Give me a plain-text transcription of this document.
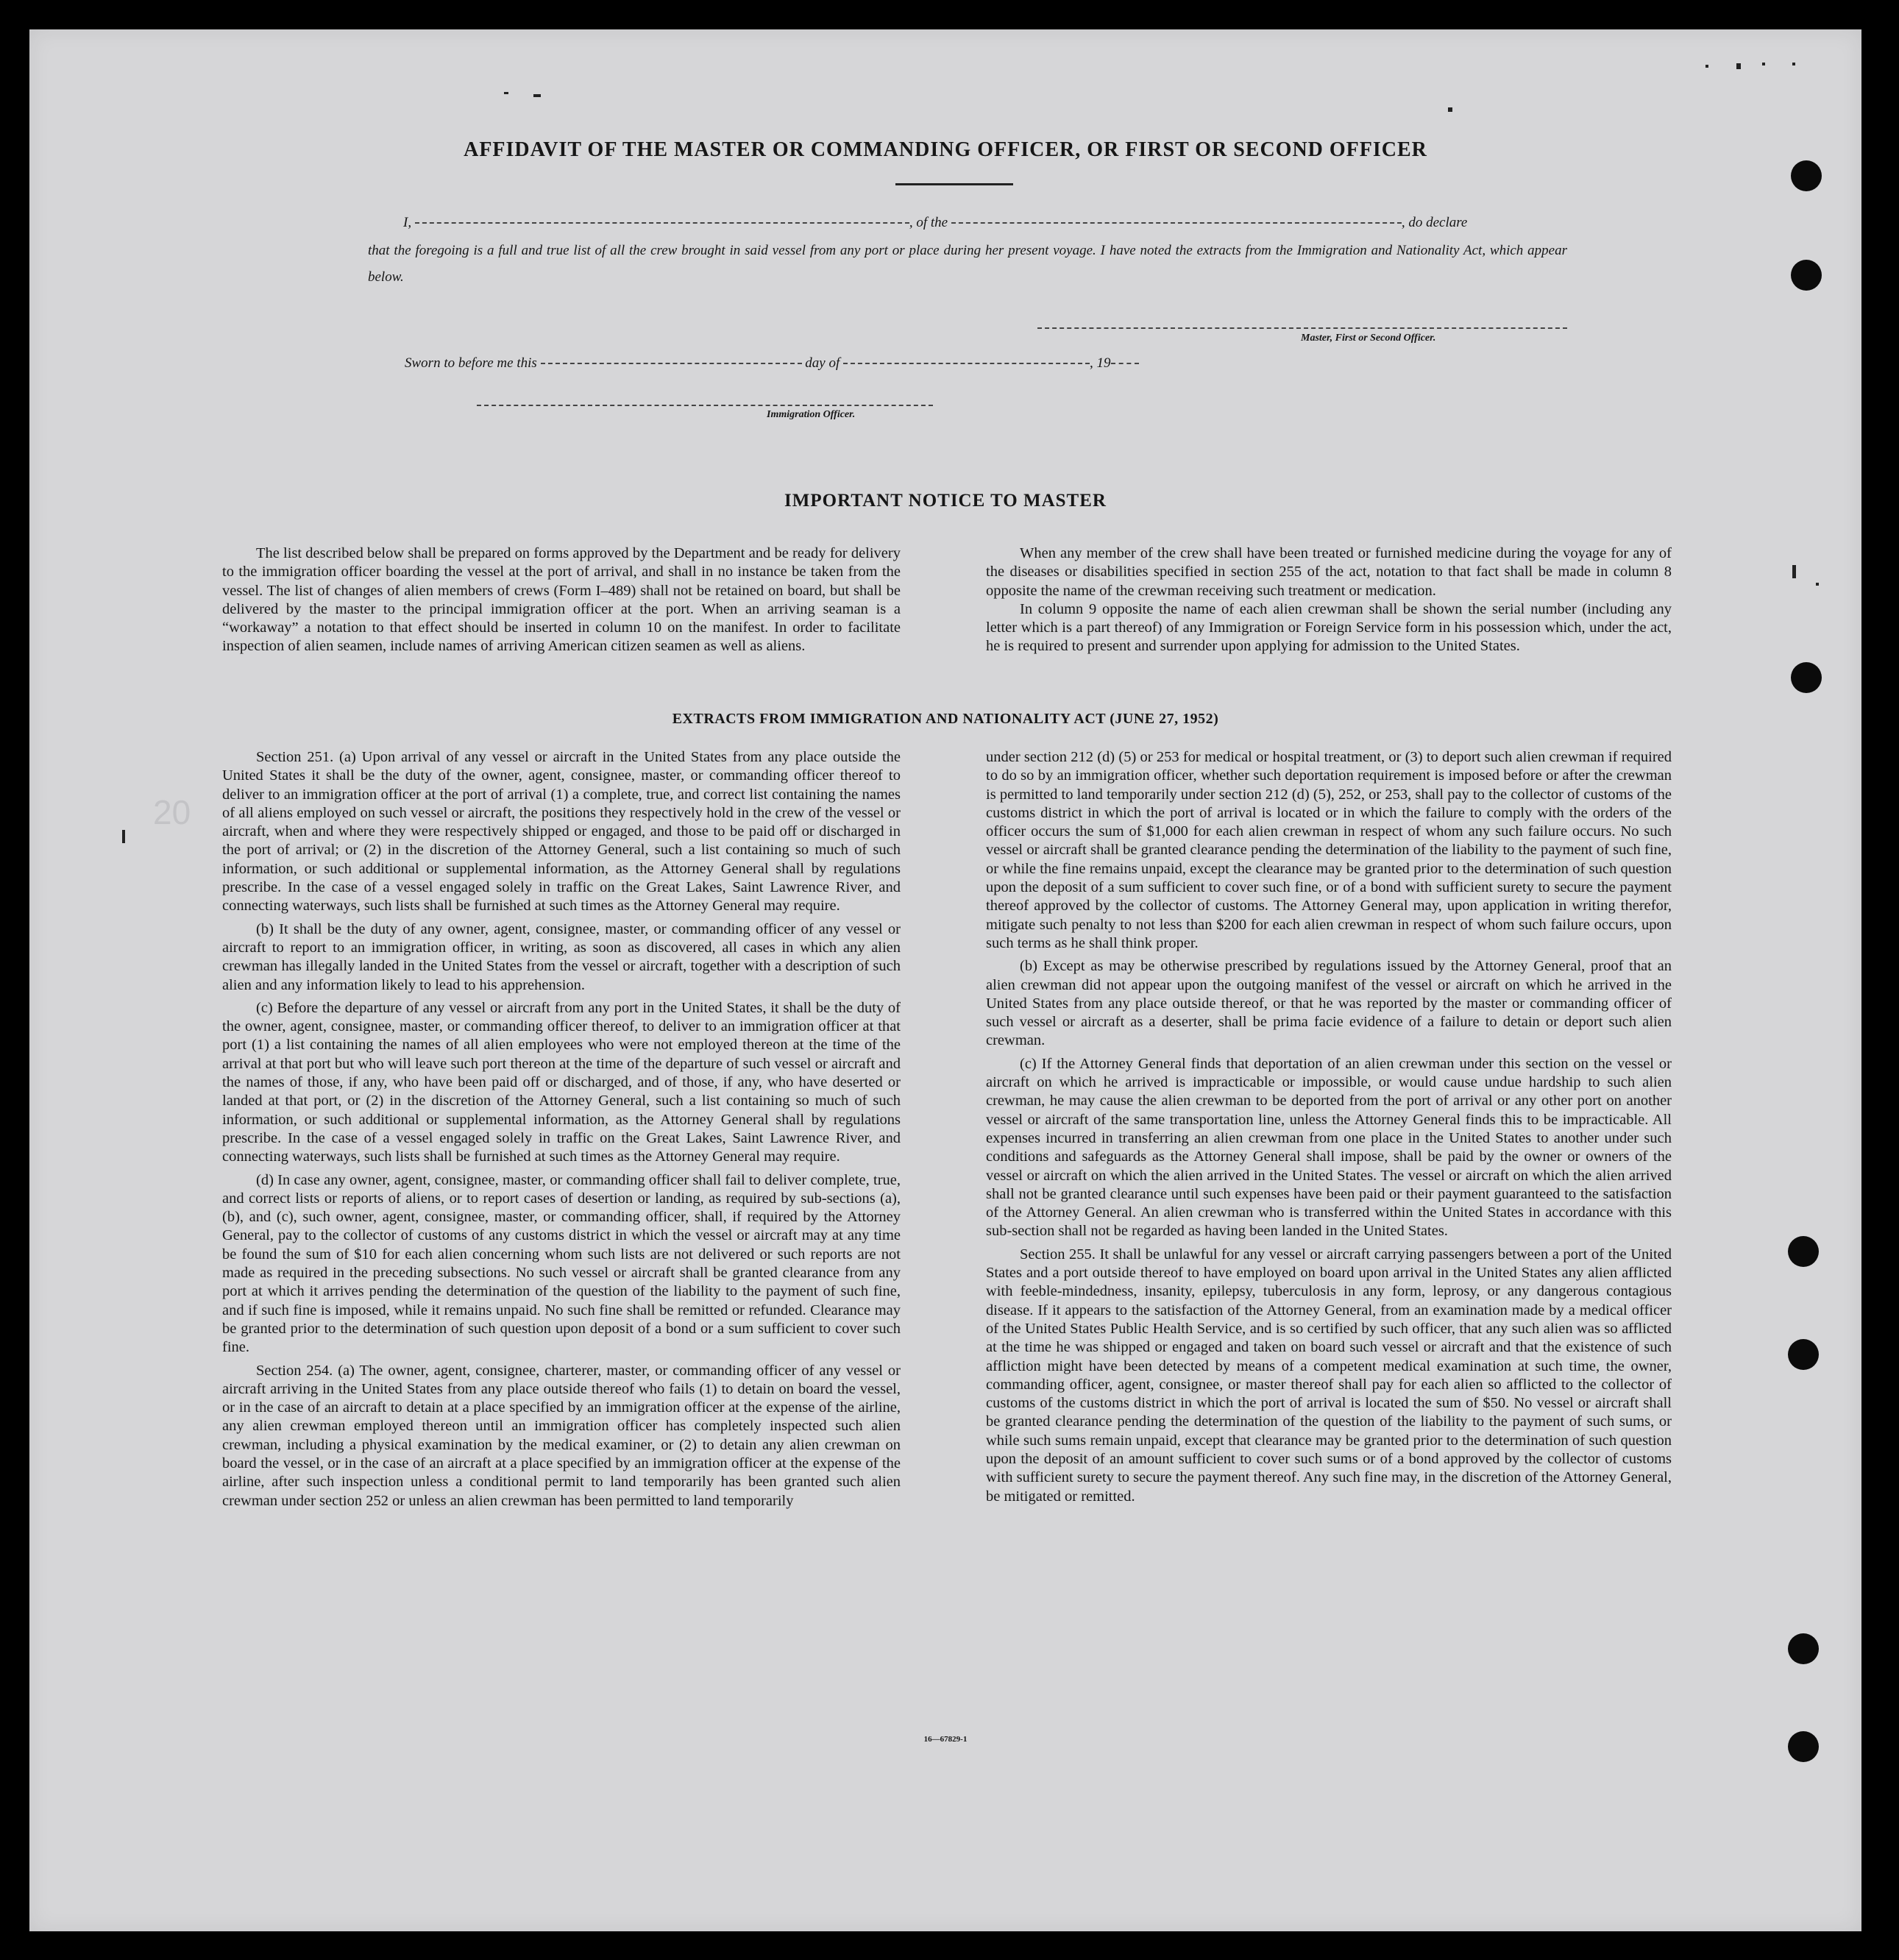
20
AFFIDAVIT OF THE MASTER OR COMMANDING OFFICER, OR FIRST OR SECOND OFFICER
I,	, of the	, do declare
that the foregoing is a full and true list of all the crew brought in said vessel from any port or place during her present voyage. I have noted the extracts from the Immigration and Nationality Act, which appear below.
Master, First or Second Officer.
Sworn to before me this	day of	, 19
Immigration Officer.
IMPORTANT NOTICE TO MASTER

The list described below shall be prepared on forms approved by the Department and be ready for delivery to the immigration officer boarding the vessel at the port of arrival, and shall in no instance be taken from the vessel. The list of changes of alien members of crews (Form I–489) shall not be retained on board, but shall be delivered by the master to the principal immigration officer at the port. When an arriving seaman is a “workaway” a notation to that effect should be inserted in column 10 on the manifest. In order to facilitate inspection of alien seamen, include names of arriving American citizen seamen as well as aliens.

When any member of the crew shall have been treated or furnished medicine during the voyage for any of the diseases or disabilities specified in section 255 of the act, notation to that fact shall be made in column 8 opposite the name of the crewman receiving such treatment or medication.

In column 9 opposite the name of each alien crewman shall be shown the serial number (including any letter which is a part thereof) of any Immigration or Foreign Service form in his possession which, under the act, he is required to present and surrender upon applying for admission to the United States.

EXTRACTS FROM IMMIGRATION AND NATIONALITY ACT (JUNE 27, 1952)

Section 251. (a) Upon arrival of any vessel or aircraft in the United States from any place outside the United States it shall be the duty of the owner, agent, consignee, master, or commanding officer thereof to deliver to an immigration officer at the port of arrival (1) a complete, true, and correct list containing the names of all aliens employed on such vessel or aircraft, the positions they respectively hold in the crew of the vessel or aircraft, when and where they were respectively shipped or engaged, and those to be paid off or discharged in the port of arrival; or (2) in the discretion of the Attorney General, such a list containing so much of such information, or such additional or supplemental information, as the Attorney General shall by regulations prescribe. In the case of a vessel engaged solely in traffic on the Great Lakes, Saint Lawrence River, and connecting waterways, such lists shall be furnished at such times as the Attorney General may require.

(b) It shall be the duty of any owner, agent, consignee, master, or commanding officer of any vessel or aircraft to report to an immigration officer, in writing, as soon as discovered, all cases in which any alien crewman has illegally landed in the United States from the vessel or aircraft, together with a description of such alien and any information likely to lead to his apprehension.

(c) Before the departure of any vessel or aircraft from any port in the United States, it shall be the duty of the owner, agent, consignee, master, or commanding officer thereof, to deliver to an immigration officer at that port (1) a list containing the names of all alien employees who were not employed thereon at the time of the arrival at that port but who will leave such port thereon at the time of the departure of such vessel or aircraft and the names of those, if any, who have been paid off or discharged, and of those, if any, who have deserted or landed at that port, or (2) in the discretion of the Attorney General, such a list containing so much of such information, or such additional or supplemental information, as the Attorney General shall by regulations prescribe. In the case of a vessel engaged solely in traffic on the Great Lakes, Saint Lawrence River, and connecting waterways, such lists shall be furnished at such times as the Attorney General may require.

(d) In case any owner, agent, consignee, master, or commanding officer shall fail to deliver complete, true, and correct lists or reports of aliens, or to report cases of desertion or landing, as required by sub-sections (a), (b), and (c), such owner, agent, consignee, master, or commanding officer, shall, if required by the Attorney General, pay to the collector of customs of any customs district in which the vessel or aircraft may at any time be found the sum of $10 for each alien concerning whom such lists are not delivered or such reports are not made as required in the preceding subsections. No such vessel or aircraft shall be granted clearance from any port at which it arrives pending the determination of the question of the liability to the payment of such fine, and if such fine is imposed, while it remains unpaid. No such fine shall be remitted or refunded. Clearance may be granted prior to the determination of such question upon deposit of a bond or a sum sufficient to cover such fine.

Section 254. (a) The owner, agent, consignee, charterer, master, or commanding officer of any vessel or aircraft arriving in the United States from any place outside thereof who fails (1) to detain on board the vessel, or in the case of an aircraft to detain at a place specified by an immigration officer at the expense of the airline, any alien crewman employed thereon until an immigration officer has completely inspected such alien crewman, including a physical examination by the medical examiner, or (2) to detain any alien crewman on board the vessel, or in the case of an aircraft at a place specified by an immigration officer at the expense of the airline, after such inspection unless a conditional permit to land temporarily has been granted such alien crewman under section 252 or unless an alien crewman has been permitted to land temporarily

under section 212 (d) (5) or 253 for medical or hospital treatment, or (3) to deport such alien crewman if required to do so by an immigration officer, whether such deportation requirement is imposed before or after the crewman is permitted to land temporarily under section 212 (d) (5), 252, or 253, shall pay to the collector of customs of the customs district in which the port of arrival is located or in which the failure to comply with the orders of the officer occurs the sum of $1,000 for each alien crewman in respect of whom any such failure occurs. No such vessel or aircraft shall be granted clearance pending the determination of the liability to the payment of such fine, or while the fine remains unpaid, except the clearance may be granted prior to the determination of such question upon the deposit of a sum sufficient to cover such fine, or of a bond with sufficient surety to secure the payment thereof approved by the collector of customs. The Attorney General may, upon application in writing therefor, mitigate such penalty to not less than $200 for each alien crewman in respect of whom such failure occurs, upon such terms as he shall think proper.

(b) Except as may be otherwise prescribed by regulations issued by the Attorney General, proof that an alien crewman did not appear upon the outgoing manifest of the vessel or aircraft on which he arrived in the United States from any place outside thereof, or that he was reported by the master or commanding officer of such vessel or aircraft as a deserter, shall be prima facie evidence of a failure to detain or deport such alien crewman.

(c) If the Attorney General finds that deportation of an alien crewman under this section on the vessel or aircraft on which he arrived is impracticable or impossible, or would cause undue hardship to such alien crewman, he may cause the alien crewman to be deported from the port of arrival or any other port on another vessel or aircraft of the same transportation line, unless the Attorney General finds this to be impracticable. All expenses incurred in transferring an alien crewman from one place in the United States to another under such conditions and safeguards as the Attorney General shall impose, shall be paid by the owner or owners of the vessel or aircraft on which the alien arrived in the United States. The vessel or aircraft on which the alien arrived shall not be granted clearance until such expenses have been paid or their payment guaranteed to the satisfaction of the Attorney General. An alien crewman who is transferred within the United States in accordance with this sub-section shall not be regarded as having been landed in the United States.

Section 255. It shall be unlawful for any vessel or aircraft carrying passengers between a port of the United States and a port outside thereof to have employed on board upon arrival in the United States any alien afflicted with feeble-mindedness, insanity, epilepsy, tuberculosis in any form, leprosy, or any dangerous contagious disease. If it appears to the satisfaction of the Attorney General, from an examination made by a medical officer of the United States Public Health Service, and is so certified by such officer, that any such alien was so afflicted at the time he was shipped or engaged and taken on board such vessel or aircraft and that the existence of such affliction might have been detected by means of a competent medical examination at such time, the owner, commanding officer, agent, consignee, or master thereof shall pay for each alien so afflicted to the collector of customs of the customs district in which the port of arrival is located the sum of $50. No vessel or aircraft shall be granted clearance pending the determination of the question of the liability to the payment of such sums, or while such sums remain unpaid, except that clearance may be granted prior to the determination of such question upon the deposit of an amount sufficient to cover such sums or of a bond approved by the collector of customs with sufficient surety to secure the payment thereof. Any such fine may, in the discretion of the Attorney General, be mitigated or remitted.

16—67829-1
